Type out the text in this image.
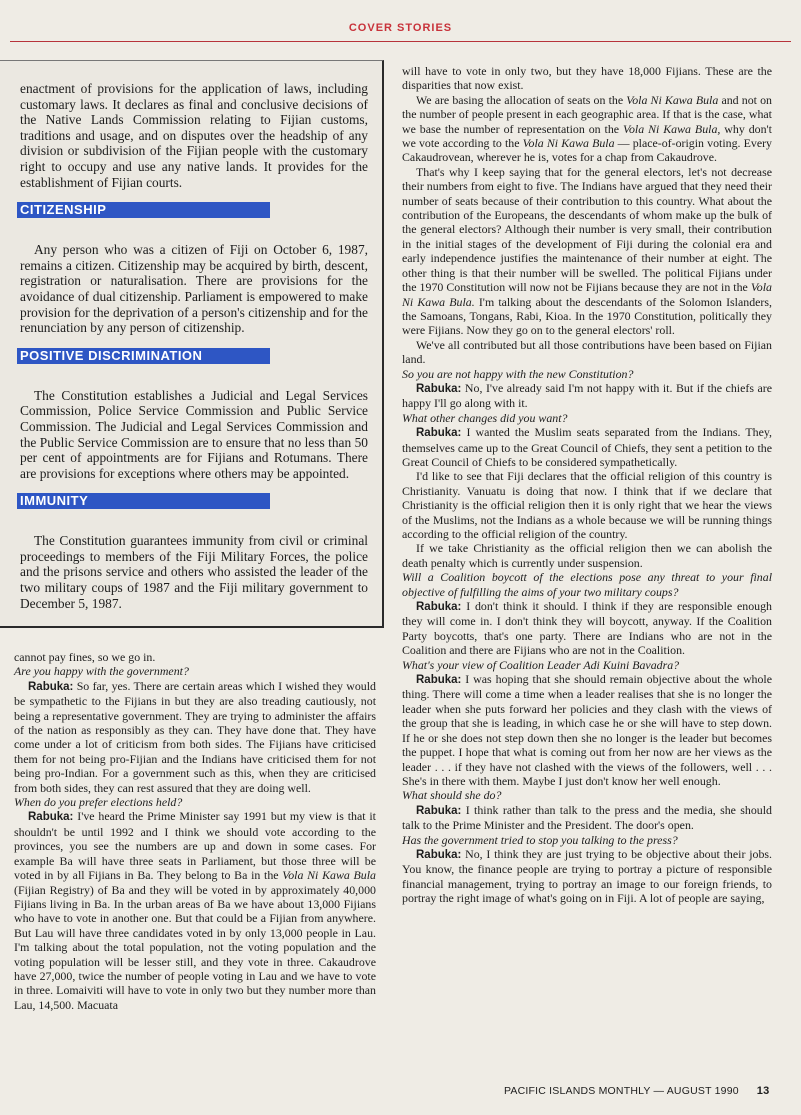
COVER STORIES

enactment of provisions for the application of laws, including customary laws. It declares as final and conclusive decisions of the Native Lands Commission relating to Fijian customs, traditions and usage, and on disputes over the headship of any division or subdivision of the Fijian people with the customary right to occupy and use any native lands. It provides for the establishment of Fijian courts.

CITIZENSHIP

Any person who was a citizen of Fiji on October 6, 1987, remains a citizen. Citizenship may be acquired by birth, descent, registration or naturalisation. There are provisions for the avoidance of dual citizenship. Parliament is empowered to make provision for the deprivation of a person's citizenship and for the renunciation by any person of citizenship.

POSITIVE DISCRIMINATION

The Constitution establishes a Judicial and Legal Services Commission, Police Service Commission and Public Service Commission. The Judicial and Legal Services Commission and the Public Service Commission are to ensure that no less than 50 per cent of appointments are for Fijians and Rotumans. There are provisions for exceptions where others may be appointed.

IMMUNITY

The Constitution guarantees immunity from civil or criminal proceedings to members of the Fiji Military Forces, the police and the prisons service and others who assisted the leader of the two military coups of 1987 and the Fiji military government to December 5, 1987.

cannot pay fines, so we go in.

Are you happy with the government?

Rabuka: So far, yes. There are certain areas which I wished they would be sympathetic to the Fijians in but they are also treading cautiously, not being a representative government. They are trying to administer the affairs of the nation as responsibly as they can. They have done that. They have come under a lot of criticism from both sides. The Fijians have criticised them for not being pro-Fijian and the Indians have criticised them for not being pro-Indian. For a government such as this, when they are criticised from both sides, they can rest assured that they are doing well.

When do you prefer elections held?

Rabuka: I've heard the Prime Minister say 1991 but my view is that it shouldn't be until 1992 and I think we should vote according to the provinces, you see the numbers are up and down in some cases. For example Ba will have three seats in Parliament, but those three will be voted in by all Fijians in Ba. They belong to Ba in the Vola Ni Kawa Bula (Fijian Registry) of Ba and they will be voted in by approximately 40,000 Fijians living in Ba. In the urban areas of Ba we have about 13,000 Fijians who have to vote in another one. But that could be a Fijian from anywhere. But Lau will have three candidates voted in by only 13,000 people in Lau. I'm talking about the total population, not the voting population and the voting population will be lesser still, and they vote in three. Cakaudrove have 27,000, twice the number of people voting in Lau and we have to vote in three. Lomaiviti will have to vote in only two but they number more than Lau, 14,500. Macuata

will have to vote in only two, but they have 18,000 Fijians. These are the disparities that now exist.

We are basing the allocation of seats on the Vola Ni Kawa Bula and not on the number of people present in each geographic area. If that is the case, what we base the number of representation on the Vola Ni Kawa Bula, why don't we vote according to the Vola Ni Kawa Bula — place-of-origin voting. Every Cakaudrovean, wherever he is, votes for a chap from Cakaudrove.

That's why I keep saying that for the general electors, let's not decrease their numbers from eight to five. The Indians have argued that they need their number of seats because of their contribution to this country. What about the contribution of the Europeans, the descendants of whom make up the bulk of the general electors? Although their number is very small, their contribution in the initial stages of the development of Fiji during the colonial era and early independence justifies the maintenance of their number at eight. The other thing is that their number will be swelled. The political Fijians under the 1970 Constitution will now not be Fijians because they are not in the Vola Ni Kawa Bula. I'm talking about the descendants of the Solomon Islanders, the Samoans, Tongans, Rabi, Kioa. In the 1970 Constitution, politically they were Fijians. Now they go on to the general electors' roll.

We've all contributed but all those contributions have been based on Fijian land.

So you are not happy with the new Constitution?

Rabuka: No, I've already said I'm not happy with it. But if the chiefs are happy I'll go along with it.

What other changes did you want?

Rabuka: I wanted the Muslim seats separated from the Indians. They, themselves came up to the Great Council of Chiefs, they sent a petition to the Great Council of Chiefs to be considered sympathetically.

I'd like to see that Fiji declares that the official religion of this country is Christianity. Vanuatu is doing that now. I think that if we declare that Christianity is the official religion then it is only right that we hear the views of the Muslims, not the Indians as a whole because we will be running things according to the official religion of the country.

If we take Christianity as the official religion then we can abolish the death penalty which is currently under suspension.

Will a Coalition boycott of the elections pose any threat to your final objective of fulfilling the aims of your two military coups?

Rabuka: I don't think it should. I think if they are responsible enough they will come in. I don't think they will boycott, anyway. If the Coalition Party boycotts, that's one party. There are Indians who are not in the Coalition and there are Fijians who are not in the Coalition.

What's your view of Coalition Leader Adi Kuini Bavadra?

Rabuka: I was hoping that she should remain objective about the whole thing. There will come a time when a leader realises that she is no longer the leader when she puts forward her policies and they clash with the views of the group that she is leading, in which case he or she will have to step down. If he or she does not step down then she no longer is the leader but becomes the puppet. I hope that what is coming out from her now are her views as the leader . . . if they have not clashed with the views of the followers, well . . . She's in there with them. Maybe I just don't know her well enough.

What should she do?

Rabuka: I think rather than talk to the press and the media, she should talk to the Prime Minister and the President. The door's open.

Has the government tried to stop you talking to the press?

Rabuka: No, I think they are just trying to be objective about their jobs. You know, the finance people are trying to portray a picture of responsible financial management, trying to portray an image to our foreign friends, to portray the right image of what's going on in Fiji. A lot of people are saying,

PACIFIC ISLANDS MONTHLY — AUGUST 1990 13
